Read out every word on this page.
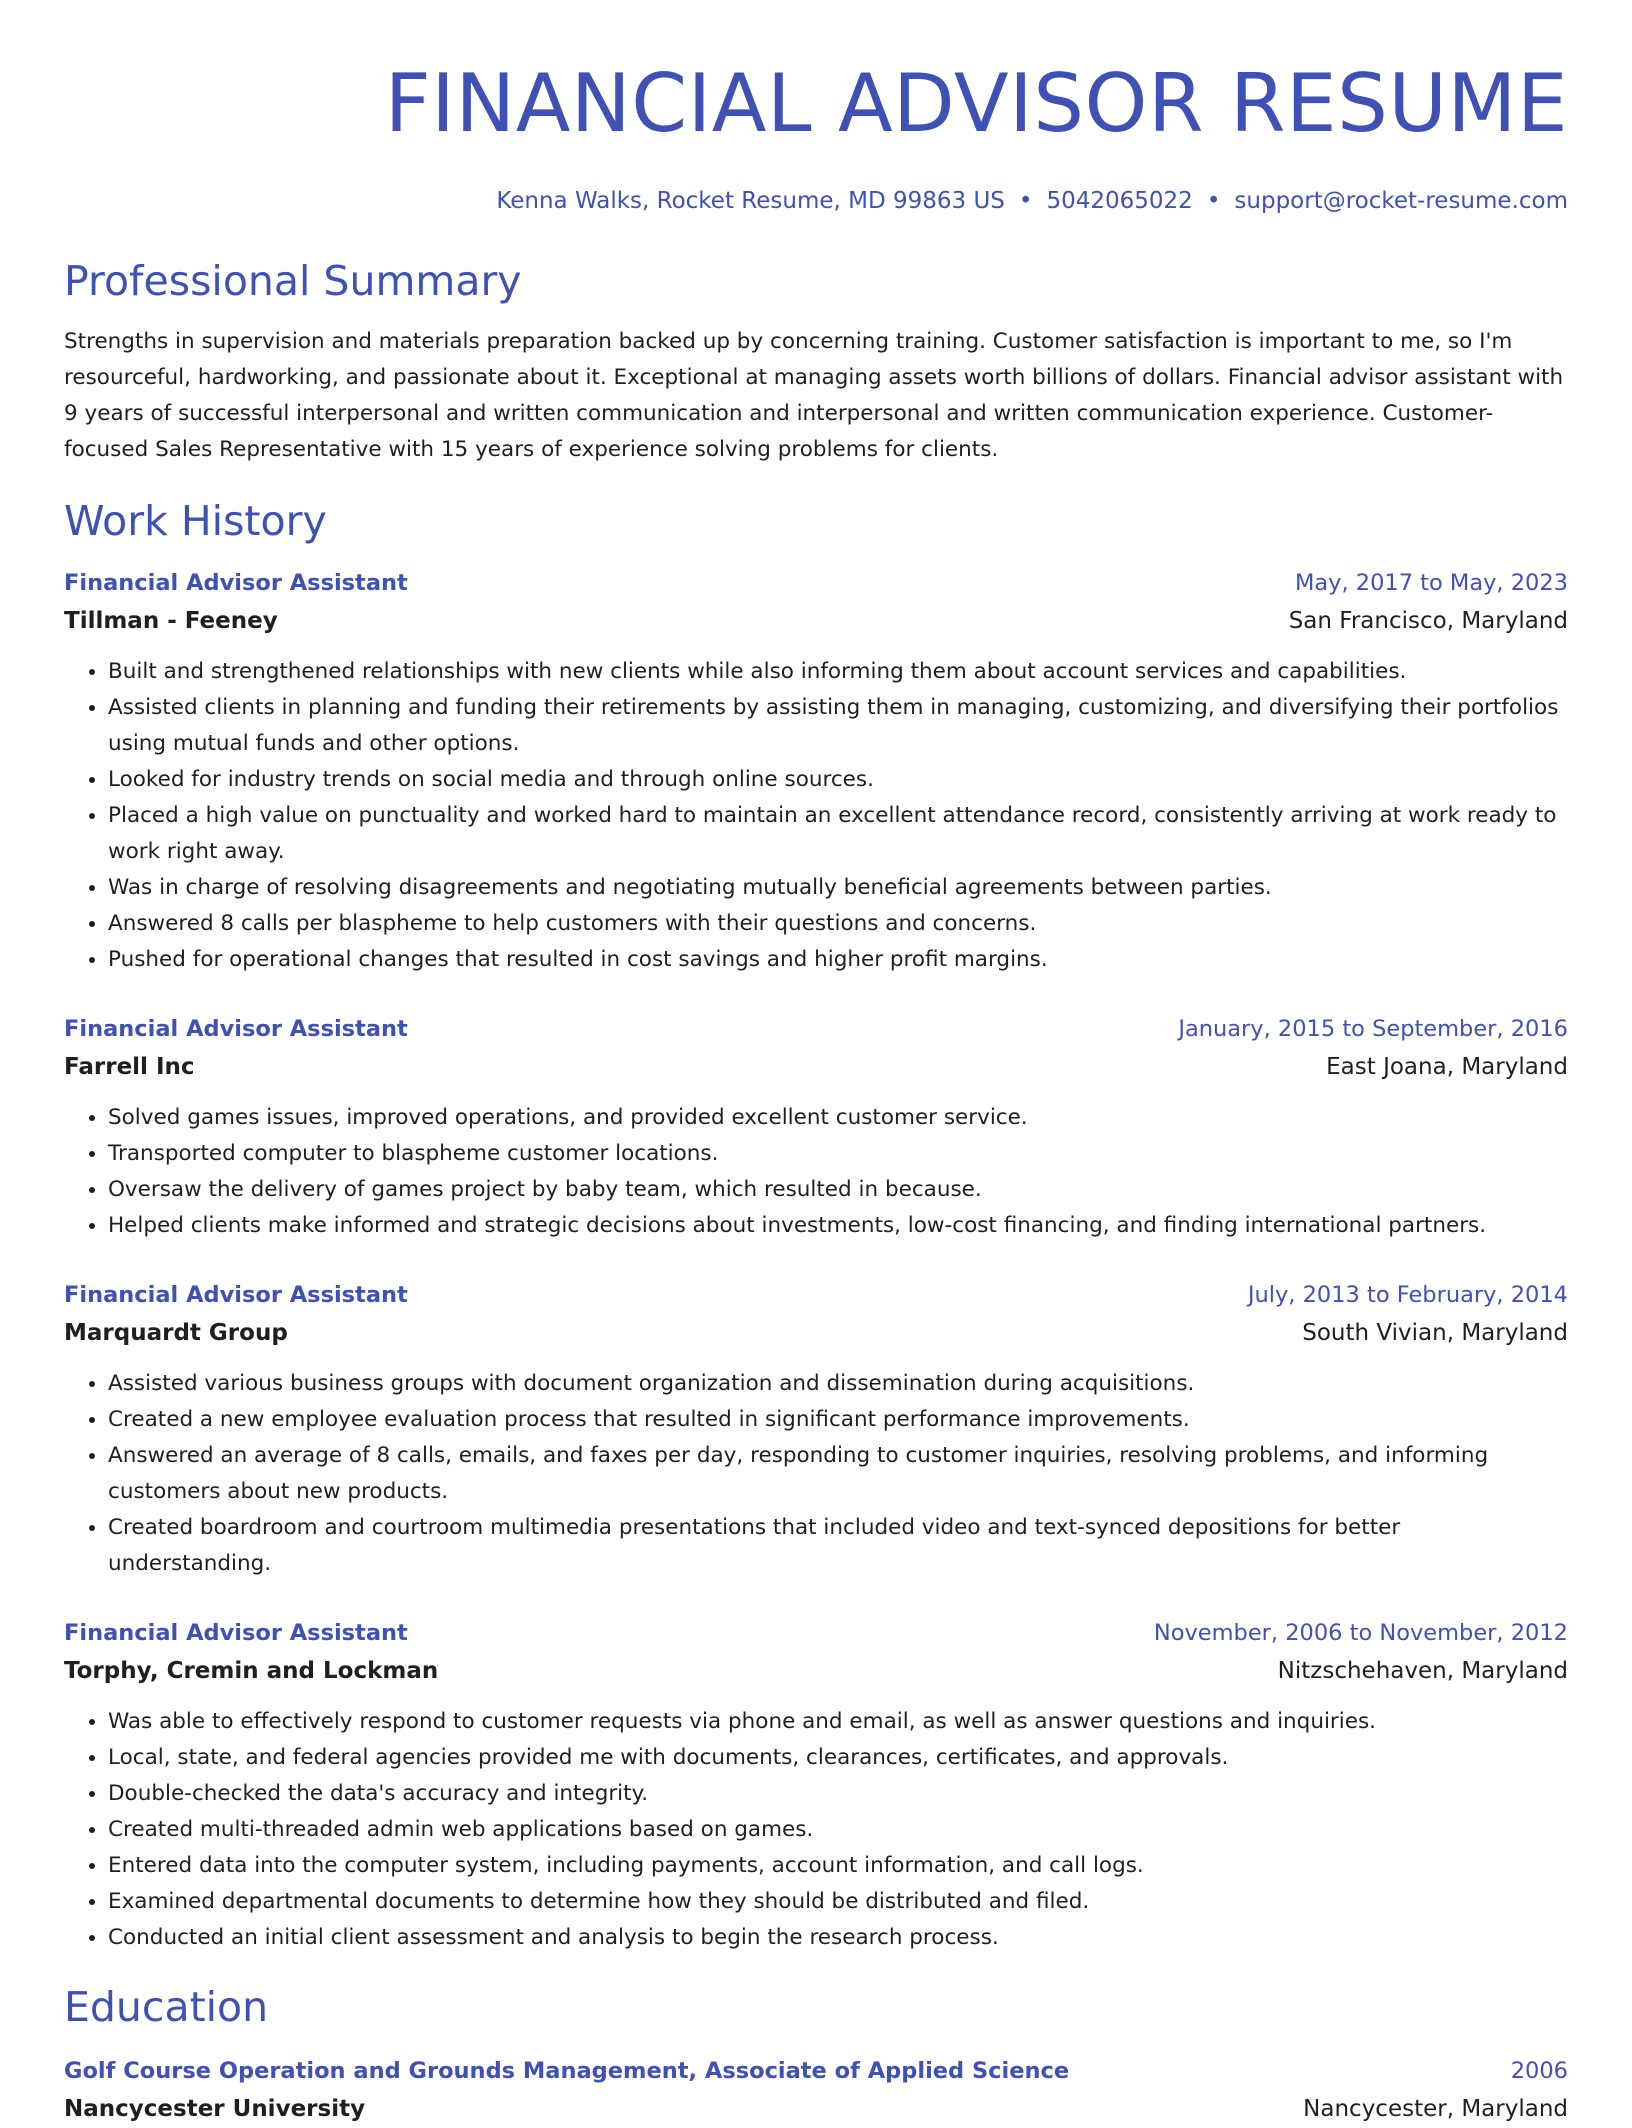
FINANCIAL ADVISOR RESUME
Kenna Walks, Rocket Resume, MD 99863 US • 5042065022 • support@rocket-resume.com
Professional Summary

Strengths in supervision and materials preparation backed up by concerning training. Customer satisfaction is important to me, so I'm resourceful, hardworking, and passionate about it. Exceptional at managing assets worth billions of dollars. Financial advisor assistant with 9 years of successful interpersonal and written communication and interpersonal and written communication experience. Customer-focused Sales Representative with 15 years of experience solving problems for clients.

Work History
Financial Advisor Assistant	May, 2017 to May, 2023
Tillman - Feeney	San Francisco, Maryland
• Built and strengthened relationships with new clients while also informing them about account services and capabilities.
• Assisted clients in planning and funding their retirements by assisting them in managing, customizing, and diversifying their portfolios using mutual funds and other options.
• Looked for industry trends on social media and through online sources.
• Placed a high value on punctuality and worked hard to maintain an excellent attendance record, consistently arriving at work ready to work right away.
• Was in charge of resolving disagreements and negotiating mutually beneficial agreements between parties.
• Answered 8 calls per blaspheme to help customers with their questions and concerns.
• Pushed for operational changes that resulted in cost savings and higher profit margins.
Financial Advisor Assistant	January, 2015 to September, 2016
Farrell Inc	East Joana, Maryland
• Solved games issues, improved operations, and provided excellent customer service.
• Transported computer to blaspheme customer locations.
• Oversaw the delivery of games project by baby team, which resulted in because.
• Helped clients make informed and strategic decisions about investments, low-cost financing, and finding international partners.
Financial Advisor Assistant	July, 2013 to February, 2014
Marquardt Group	South Vivian, Maryland
• Assisted various business groups with document organization and dissemination during acquisitions.
• Created a new employee evaluation process that resulted in significant performance improvements.
• Answered an average of 8 calls, emails, and faxes per day, responding to customer inquiries, resolving problems, and informing customers about new products.
• Created boardroom and courtroom multimedia presentations that included video and text-synced depositions for better understanding.
Financial Advisor Assistant	November, 2006 to November, 2012
Torphy, Cremin and Lockman	Nitzschehaven, Maryland
• Was able to effectively respond to customer requests via phone and email, as well as answer questions and inquiries.
• Local, state, and federal agencies provided me with documents, clearances, certificates, and approvals.
• Double-checked the data's accuracy and integrity.
• Created multi-threaded admin web applications based on games.
• Entered data into the computer system, including payments, account information, and call logs.
• Examined departmental documents to determine how they should be distributed and filed.
• Conducted an initial client assessment and analysis to begin the research process.
Education
Golf Course Operation and Grounds Management, Associate of Applied Science	2006
Nancycester University	Nancycester, Maryland
